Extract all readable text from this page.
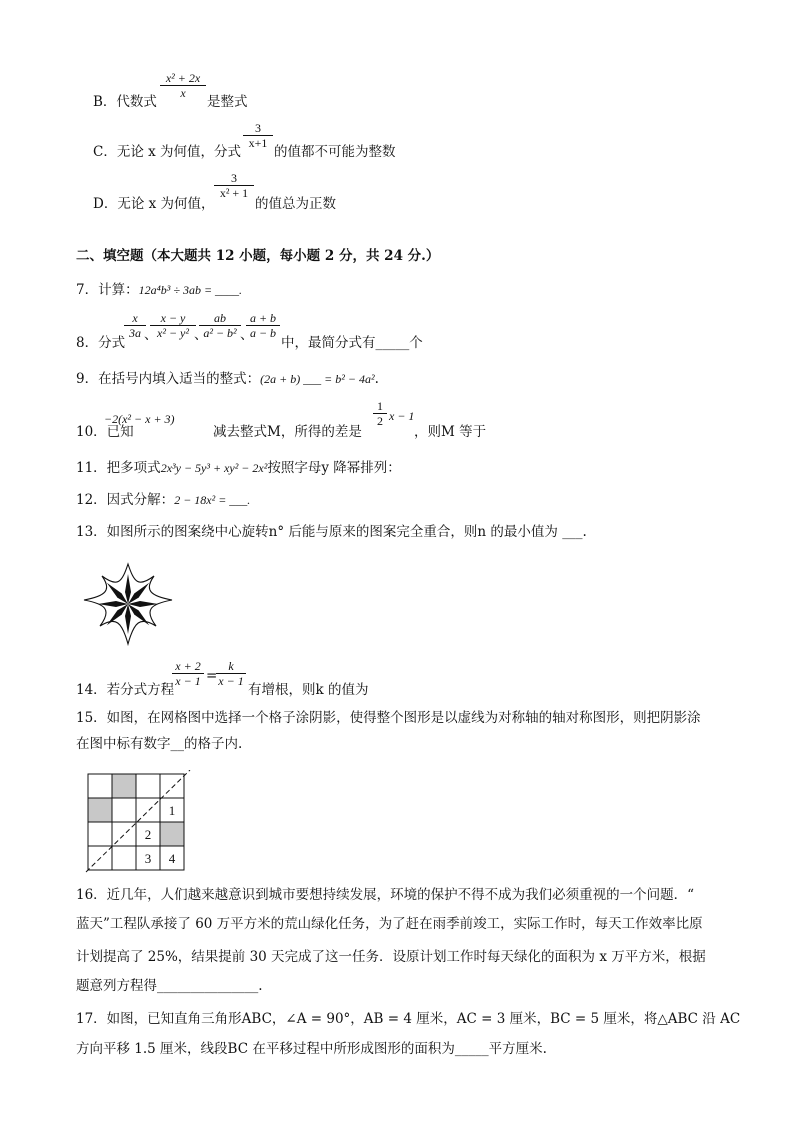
B．代数式
$\frac{\text{x² + 2x}}{x}$
是整式
C．无论 x 为何值，分式
$\frac{3}{x+1}$
的值都不可能为整数
D．无论 x 为何值，
$\frac{3}{\text{x² + 1}}$
的值总为正数
二、填空题（本大题共 12 小题，每小题 2 分，共 24 分.）
7．计算：12a⁴b³ ÷ 3ab = ____.
8．分式
$\frac{x}{3a}$
、
$\frac{x - y}{\text{x² − y²}}$
、
$\frac{ab}{\text{a² − b²}}$ 、
$\frac{a + b}{a - b}$
中，最简分式有_____个
9．在括号内填入适当的整式：(2a + b) ___ = b² − 4a².
10．已知
−2(x² − x + 3)
减去整式M，所得的差是
$\frac{1}{2}$ x − 1
，则M 等于
11．把多项式2x³y − 5y³ + xy² − 2x²按照字母y 降幂排列：
12．因式分解：2 − 18x² = ___.
13．如图所示的图案绕中心旋转n° 后能与原来的图案完全重合，则n 的最小值为 ___.
14．若分式方程
$\frac{x + 2}{x - 1}$ =
$\frac{k}{x - 1}$
有增根，则k 的值为
15．如图，在网格图中选择一个格子涂阴影，使得整个图形是以虚线为对称轴的轴对称图形，则把阴影涂
在图中标有数字__的格子内.
1
2
3 4
16．近几年，人们越来越意识到城市要想持续发展，环境的保护不得不成为我们必须重视的一个问题．“
蓝天”工程队承接了 60 万平方米的荒山绿化任务，为了赶在雨季前竣工，实际工作时，每天工作效率比原
计划提高了 25%，结果提前 30 天完成了这一任务．设原计划工作时每天绿化的面积为 x 万平方米，根据
题意列方程得_______________.
17．如图，已知直角三角形ABC，∠A = 90°，AB = 4 厘米，AC = 3 厘米，BC = 5 厘米，将△ABC 沿 AC
方向平移 1.5 厘米，线段BC 在平移过程中所形成图形的面积为_____平方厘米.
